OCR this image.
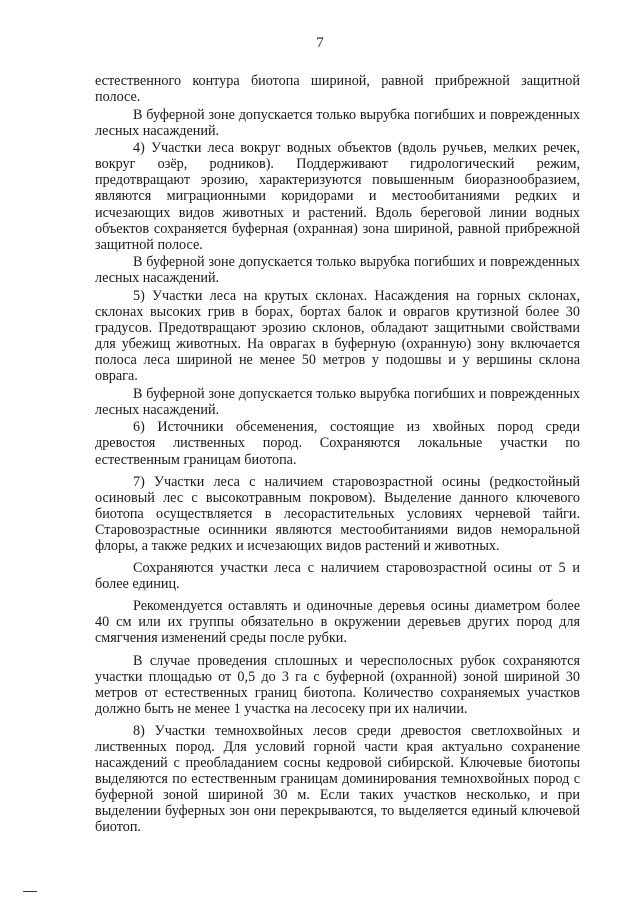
7

естественного контура биотопа шириной, равной прибрежной защитной полосе.

В буферной зоне допускается только вырубка погибших и поврежденных лесных насаждений.

4) Участки леса вокруг водных объектов (вдоль ручьев, мелких речек, вокруг озёр, родников). Поддерживают гидрологический режим, предотвращают эрозию, характеризуются повышенным биоразнообразием, являются миграционными коридорами и местообитаниями редких и исчезающих видов животных и растений. Вдоль береговой линии водных объектов сохраняется буферная (охранная) зона шириной, равной прибрежной защитной полосе.

В буферной зоне допускается только вырубка погибших и поврежденных лесных насаждений.

5) Участки леса на крутых склонах. Насаждения на горных склонах, склонах высоких грив в борах, бортах балок и оврагов крутизной более 30 градусов. Предотвращают эрозию склонов, обладают защитными свойствами для убежищ животных. На оврагах в буферную (охранную) зону включается полоса леса шириной не менее 50 метров у подошвы и у вершины склона оврага.

В буферной зоне допускается только вырубка погибших и поврежденных лесных насаждений.

6) Источники обсеменения, состоящие из хвойных пород среди древостоя лиственных пород. Сохраняются локальные участки по естественным границам биотопа.

7) Участки леса с наличием старовозрастной осины (редкостойный осиновый лес с высокотравным покровом). Выделение данного ключевого биотопа осуществляется в лесорастительных условиях черневой тайги. Старовозрастные осинники являются местообитаниями видов неморальной флоры, а также редких и исчезающих видов растений и животных.

Сохраняются участки леса с наличием старовозрастной осины от 5 и более единиц.

Рекомендуется оставлять и одиночные деревья осины диаметром более 40 см или их группы обязательно в окружении деревьев других пород для смягчения изменений среды после рубки.

В случае проведения сплошных и чересполосных рубок сохраняются участки площадью от 0,5 до 3 га с буферной (охранной) зоной шириной 30 метров от естественных границ биотопа. Количество сохраняемых участков должно быть не менее 1 участка на лесосеку при их наличии.

8) Участки темнохвойных лесов среди древостоя светлохвойных и лиственных пород. Для условий горной части края актуально сохранение насаждений с преобладанием сосны кедровой сибирской. Ключевые биотопы выделяются по естественным границам доминирования темнохвойных пород с буферной зоной шириной 30 м. Если таких участков несколько, и при выделении буферных зон они перекрываются, то выделяется единый ключевой биотоп.
